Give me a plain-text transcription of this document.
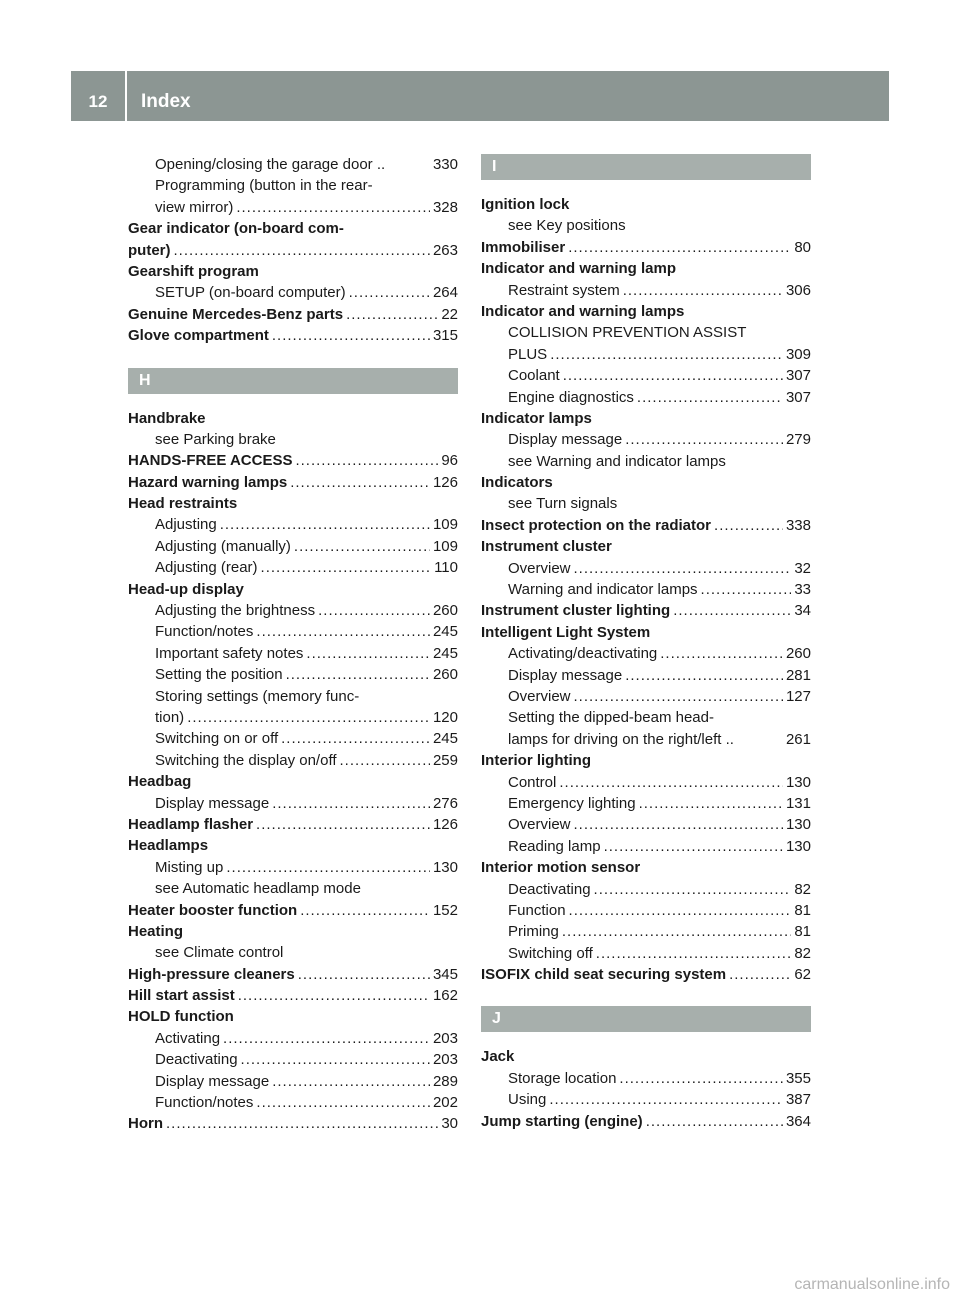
12	Index
Opening/closing the garage door ..	330
Programming (button in the rear-
view mirror) .....	328
Gear indicator (on-board com-
puter) .....	263
Gearshift program
SETUP (on-board computer) .....	264
Genuine Mercedes-Benz parts .....	22
Glove compartment .....	315
H
Handbrake
see Parking brake
HANDS-FREE ACCESS .....	96
Hazard warning lamps .....	126
Head restraints
Adjusting .....	109
Adjusting (manually) .....	109
Adjusting (rear) .....	110
Head-up display
Adjusting the brightness .....	260
Function/notes .....	245
Important safety notes .....	245
Setting the position .....	260
Storing settings (memory func-
tion) .....	120
Switching on or off .....	245
Switching the display on/off .....	259
Headbag
Display message .....	276
Headlamp flasher .....	126
Headlamps
Misting up .....	130
see Automatic headlamp mode
Heater booster function .....	152
Heating
see Climate control
High-pressure cleaners .....	345
Hill start assist .....	162
HOLD function
Activating .....	203
Deactivating .....	203
Display message .....	289
Function/notes .....	202
Horn .....	30
I
Ignition lock
see Key positions
Immobiliser .....	80
Indicator and warning lamp
Restraint system .....	306
Indicator and warning lamps
COLLISION PREVENTION ASSIST
PLUS .....	309
Coolant .....	307
Engine diagnostics .....	307
Indicator lamps
Display message .....	279
see Warning and indicator lamps
Indicators
see Turn signals
Insect protection on the radiator .....	338
Instrument cluster
Overview .....	32
Warning and indicator lamps .....	33
Instrument cluster lighting .....	34
Intelligent Light System
Activating/deactivating .....	260
Display message .....	281
Overview .....	127
Setting the dipped-beam head-
lamps for driving on the right/left ..	261
Interior lighting
Control .....	130
Emergency lighting .....	131
Overview .....	130
Reading lamp .....	130
Interior motion sensor
Deactivating .....	82
Function .....	81
Priming .....	81
Switching off .....	82
ISOFIX child seat securing system .....	62
J
Jack
Storage location .....	355
Using .....	387
Jump starting (engine) .....	364
carmanualsonline.info
